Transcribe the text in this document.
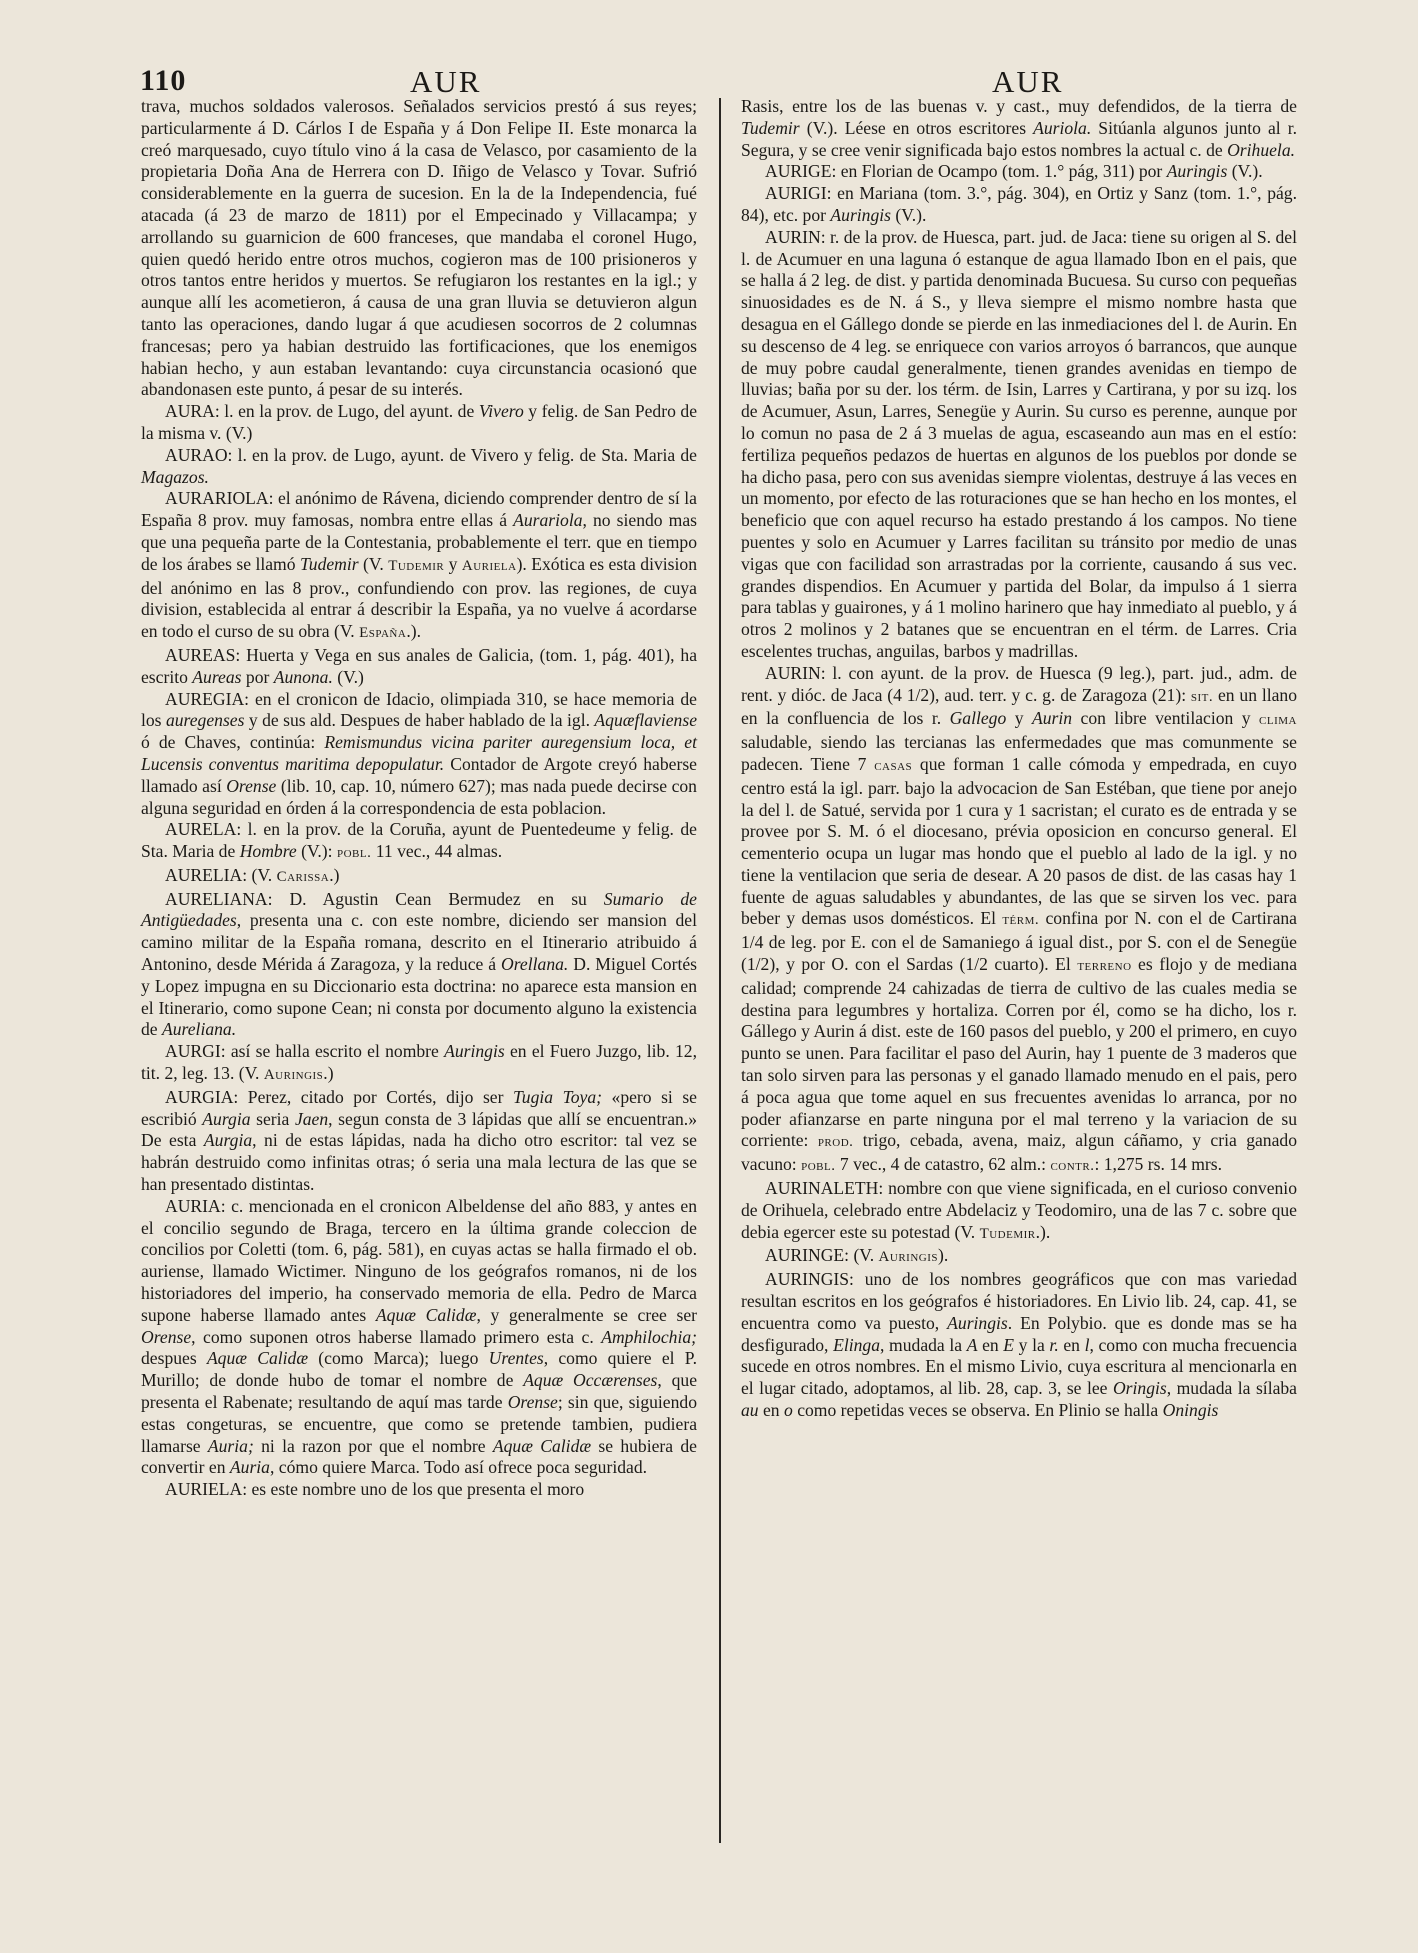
110	AUR	AUR

trava, muchos soldados valerosos. Señalados servicios prestó á sus reyes; particularmente á D. Cárlos I de España y á Don Felipe II. Este monarca la creó marquesado, cuyo título vino á la casa de Velasco, por casamiento de la propietaria Doña Ana de Herrera con D. Iñigo de Velasco y Tovar. Sufrió considerablemente en la guerra de sucesion. En la de la Independencia, fué atacada (á 23 de marzo de 1811) por el Empecinado y Villacampa; y arrollando su guarnicion de 600 franceses, que mandaba el coronel Hugo, quien quedó herido entre otros muchos, cogieron mas de 100 prisioneros y otros tantos entre heridos y muertos. Se refugiaron los restantes en la igl.; y aunque allí les acometieron, á causa de una gran lluvia se detuvieron algun tanto las operaciones, dando lugar á que acudiesen socorros de 2 columnas francesas; pero ya habian destruido las fortificaciones, que los enemigos habian hecho, y aun estaban levantando: cuya circunstancia ocasionó que abandonasen este punto, á pesar de su interés.

AURA: l. en la prov. de Lugo, del ayunt. de Vivero y felig. de San Pedro de la misma v. (V.)

AURAO: l. en la prov. de Lugo, ayunt. de Vivero y felig. de Sta. Maria de Magazos.

AURARIOLA: el anónimo de Rávena, diciendo comprender dentro de sí la España 8 prov. muy famosas, nombra entre ellas á Aurariola, no siendo mas que una pequeña parte de la Contestania, probablemente el terr. que en tiempo de los árabes se llamó Tudemir (V. Tudemir y Auriela). Exótica es esta division del anónimo en las 8 prov., confundiendo con prov. las regiones, de cuya division, establecida al entrar á describir la España, ya no vuelve á acordarse en todo el curso de su obra (V. España.).

AUREAS: Huerta y Vega en sus anales de Galicia, (tom. 1, pág. 401), ha escrito Aureas por Aunona. (V.)

AUREGIA: en el cronicon de Idacio, olimpiada 310, se hace memoria de los auregenses y de sus ald. Despues de haber hablado de la igl. Aquæflaviense ó de Chaves, continúa: Remismundus vicina pariter auregensium loca, et Lucensis conventus maritima depopulatur. Contador de Argote creyó haberse llamado así Orense (lib. 10, cap. 10, número 627); mas nada puede decirse con alguna seguridad en órden á la correspondencia de esta poblacion.

AURELA: l. en la prov. de la Coruña, ayunt de Puentedeume y felig. de Sta. Maria de Hombre (V.): pobl. 11 vec., 44 almas.

AURELIA: (V. Carissa.)

AURELIANA: D. Agustin Cean Bermudez en su Sumario de Antigüedades, presenta una c. con este nombre, diciendo ser mansion del camino militar de la España romana, descrito en el Itinerario atribuido á Antonino, desde Mérida á Zaragoza, y la reduce á Orellana. D. Miguel Cortés y Lopez impugna en su Diccionario esta doctrina: no aparece esta mansion en el Itinerario, como supone Cean; ni consta por documento alguno la existencia de Aureliana.

AURGI: así se halla escrito el nombre Auringis en el Fuero Juzgo, lib. 12, tit. 2, leg. 13. (V. Auringis.)

AURGIA: Perez, citado por Cortés, dijo ser Tugia Toya; «pero si se escribió Aurgia seria Jaen, segun consta de 3 lápidas que allí se encuentran.» De esta Aurgia, ni de estas lápidas, nada ha dicho otro escritor: tal vez se habrán destruido como infinitas otras; ó seria una mala lectura de las que se han presentado distintas.

AURIA: c. mencionada en el cronicon Albeldense del año 883, y antes en el concilio segundo de Braga, tercero en la última grande coleccion de concilios por Coletti (tom. 6, pág. 581), en cuyas actas se halla firmado el ob. auriense, llamado Wictimer. Ninguno de los geógrafos romanos, ni de los historiadores del imperio, ha conservado memoria de ella. Pedro de Marca supone haberse llamado antes Aquæ Calidæ, y generalmente se cree ser Orense, como suponen otros haberse llamado primero esta c. Amphilochia; despues Aquæ Calidæ (como Marca); luego Urentes, como quiere el P. Murillo; de donde hubo de tomar el nombre de Aquæ Occærenses, que presenta el Rabenate; resultando de aquí mas tarde Orense; sin que, siguiendo estas congeturas, se encuentre, que como se pretende tambien, pudiera llamarse Auria; ni la razon por que el nombre Aquæ Calidæ se hubiera de convertir en Auria, cómo quiere Marca. Todo así ofrece poca seguridad.

AURIELA: es este nombre uno de los que presenta el moro

Rasis, entre los de las buenas v. y cast., muy defendidos, de la tierra de Tudemir (V.). Léese en otros escritores Auriola. Sitúanla algunos junto al r. Segura, y se cree venir significada bajo estos nombres la actual c. de Orihuela.

AURIGE: en Florian de Ocampo (tom. 1.° pág, 311) por Auringis (V.).

AURIGI: en Mariana (tom. 3.°, pág. 304), en Ortiz y Sanz (tom. 1.°, pág. 84), etc. por Auringis (V.).

AURIN: r. de la prov. de Huesca, part. jud. de Jaca: tiene su origen al S. del l. de Acumuer en una laguna ó estanque de agua llamado Ibon en el pais, que se halla á 2 leg. de dist. y partida denominada Bucuesa. Su curso con pequeñas sinuosidades es de N. á S., y lleva siempre el mismo nombre hasta que desagua en el Gállego donde se pierde en las inmediaciones del l. de Aurin. En su descenso de 4 leg. se enriquece con varios arroyos ó barrancos, que aunque de muy pobre caudal generalmente, tienen grandes avenidas en tiempo de lluvias; baña por su der. los térm. de Isin, Larres y Cartirana, y por su izq. los de Acumuer, Asun, Larres, Senegüe y Aurin. Su curso es perenne, aunque por lo comun no pasa de 2 á 3 muelas de agua, escaseando aun mas en el estío: fertiliza pequeños pedazos de huertas en algunos de los pueblos por donde se ha dicho pasa, pero con sus avenidas siempre violentas, destruye á las veces en un momento, por efecto de las roturaciones que se han hecho en los montes, el beneficio que con aquel recurso ha estado prestando á los campos. No tiene puentes y solo en Acumuer y Larres facilitan su tránsito por medio de unas vigas que con facilidad son arrastradas por la corriente, causando á sus vec. grandes dispendios. En Acumuer y partida del Bolar, da impulso á 1 sierra para tablas y guairones, y á 1 molino harinero que hay inmediato al pueblo, y á otros 2 molinos y 2 batanes que se encuentran en el térm. de Larres. Cria escelentes truchas, anguilas, barbos y madrillas.

AURIN: l. con ayunt. de la prov. de Huesca (9 leg.), part. jud., adm. de rent. y dióc. de Jaca (4 1/2), aud. terr. y c. g. de Zaragoza (21): sit. en un llano en la confluencia de los r. Gallego y Aurin con libre ventilacion y clima saludable, siendo las tercianas las enfermedades que mas comunmente se padecen. Tiene 7 casas que forman 1 calle cómoda y empedrada, en cuyo centro está la igl. parr. bajo la advocacion de San Estéban, que tiene por anejo la del l. de Satué, servida por 1 cura y 1 sacristan; el curato es de entrada y se provee por S. M. ó el diocesano, prévia oposicion en concurso general. El cementerio ocupa un lugar mas hondo que el pueblo al lado de la igl. y no tiene la ventilacion que seria de desear. A 20 pasos de dist. de las casas hay 1 fuente de aguas saludables y abundantes, de las que se sirven los vec. para beber y demas usos domésticos. El térm. confina por N. con el de Cartirana 1/4 de leg. por E. con el de Samaniego á igual dist., por S. con el de Senegüe (1/2), y por O. con el Sardas (1/2 cuarto). El terreno es flojo y de mediana calidad; comprende 24 cahizadas de tierra de cultivo de las cuales media se destina para legumbres y hortaliza. Corren por él, como se ha dicho, los r. Gállego y Aurin á dist. este de 160 pasos del pueblo, y 200 el primero, en cuyo punto se unen. Para facilitar el paso del Aurin, hay 1 puente de 3 maderos que tan solo sirven para las personas y el ganado llamado menudo en el pais, pero á poca agua que tome aquel en sus frecuentes avenidas lo arranca, por no poder afianzarse en parte ninguna por el mal terreno y la variacion de su corriente: prod. trigo, cebada, avena, maiz, algun cáñamo, y cria ganado vacuno: pobl. 7 vec., 4 de catastro, 62 alm.: contr.: 1,275 rs. 14 mrs.

AURINALETH: nombre con que viene significada, en el curioso convenio de Orihuela, celebrado entre Abdelaciz y Teodomiro, una de las 7 c. sobre que debia egercer este su potestad (V. Tudemir.).

AURINGE: (V. Auringis).

AURINGIS: uno de los nombres geográficos que con mas variedad resultan escritos en los geógrafos é historiadores. En Livio lib. 24, cap. 41, se encuentra como va puesto, Auringis. En Polybio. que es donde mas se ha desfigurado, Elinga, mudada la A en E y la r. en l, como con mucha frecuencia sucede en otros nombres. En el mismo Livio, cuya escritura al mencionarla en el lugar citado, adoptamos, al lib. 28, cap. 3, se lee Oringis, mudada la sílaba au en o como repetidas veces se observa. En Plinio se halla Oningis
